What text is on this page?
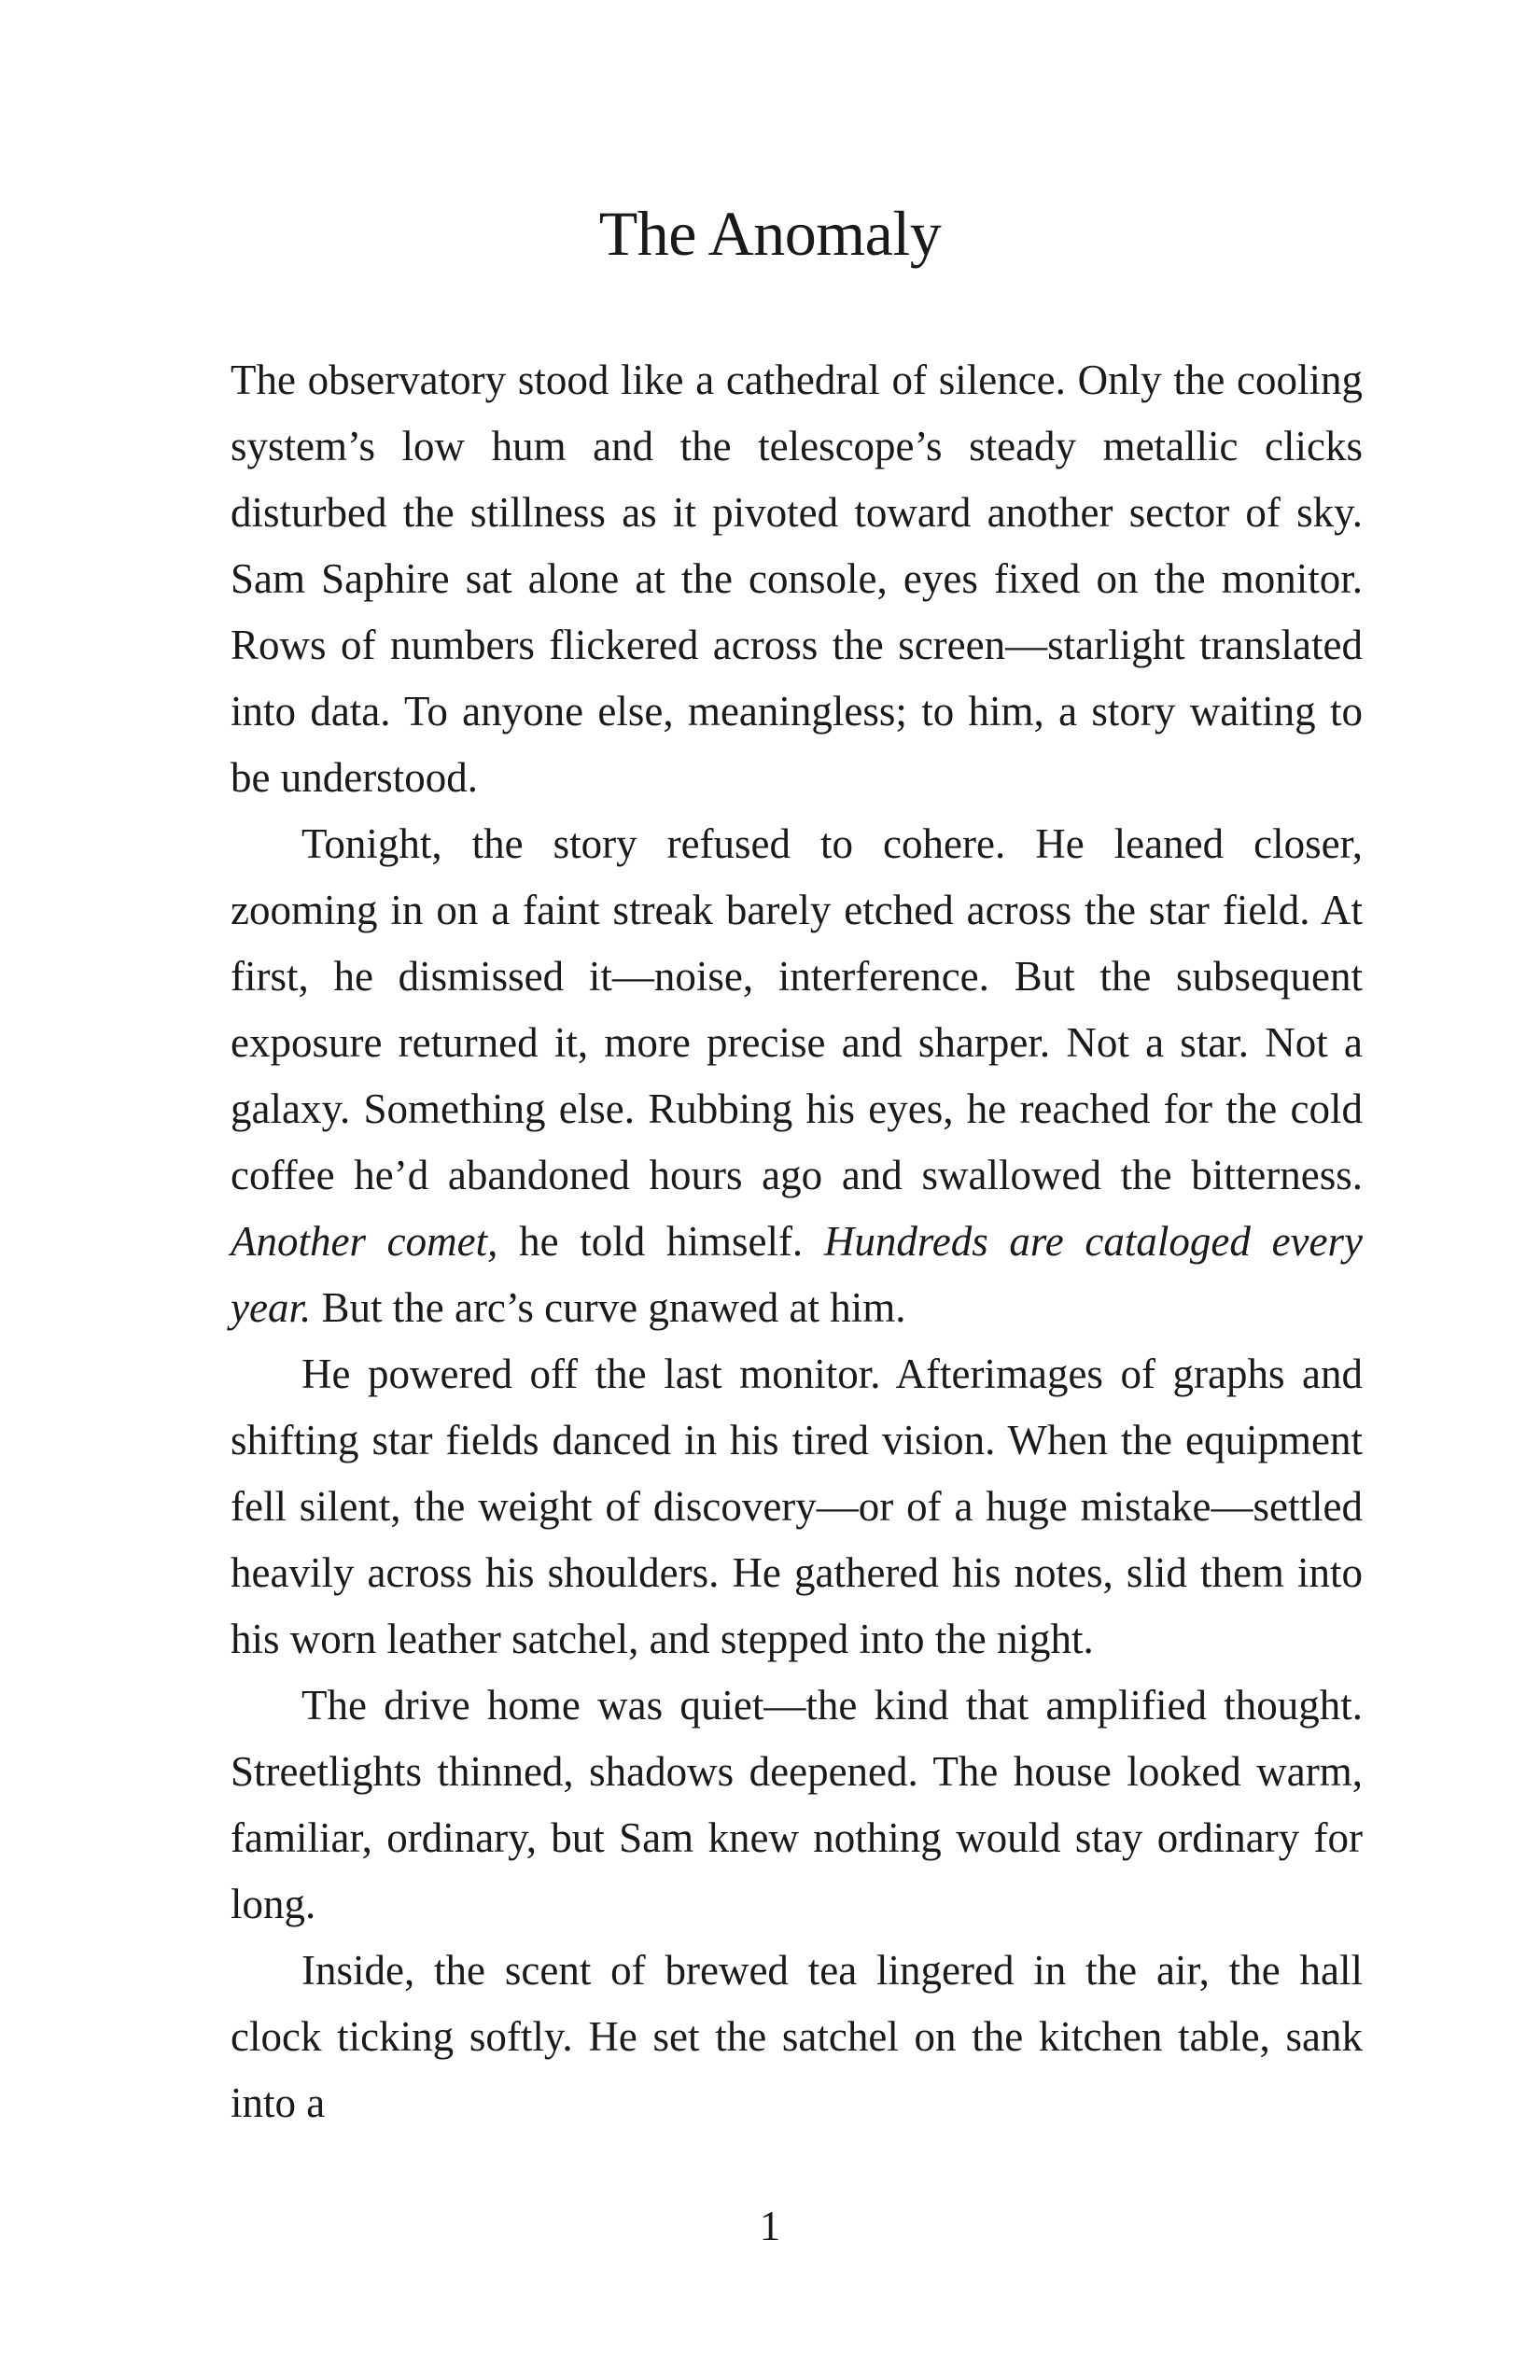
The Anomaly

The observatory stood like a cathedral of silence. Only the cooling system’s low hum and the telescope’s steady metallic clicks disturbed the stillness as it pivoted toward another sector of sky. Sam Saphire sat alone at the console, eyes fixed on the monitor. Rows of numbers flickered across the screen—starlight translated into data. To anyone else, meaningless; to him, a story waiting to be understood.

Tonight, the story refused to cohere. He leaned closer, zooming in on a faint streak barely etched across the star field. At first, he dismissed it—noise, interference. But the subsequent exposure returned it, more precise and sharper. Not a star. Not a galaxy. Something else. Rubbing his eyes, he reached for the cold coffee he’d abandoned hours ago and swallowed the bitterness. Another comet, he told himself. Hundreds are cataloged every year. But the arc’s curve gnawed at him.

He powered off the last monitor. Afterimages of graphs and shifting star fields danced in his tired vision. When the equipment fell silent, the weight of discovery—or of a huge mistake—settled heavily across his shoulders. He gathered his notes, slid them into his worn leather satchel, and stepped into the night.

The drive home was quiet—the kind that amplified thought. Streetlights thinned, shadows deepened. The house looked warm, familiar, ordinary, but Sam knew nothing would stay ordinary for long.

Inside, the scent of brewed tea lingered in the air, the hall clock ticking softly. He set the satchel on the kitchen table, sank into a

1
